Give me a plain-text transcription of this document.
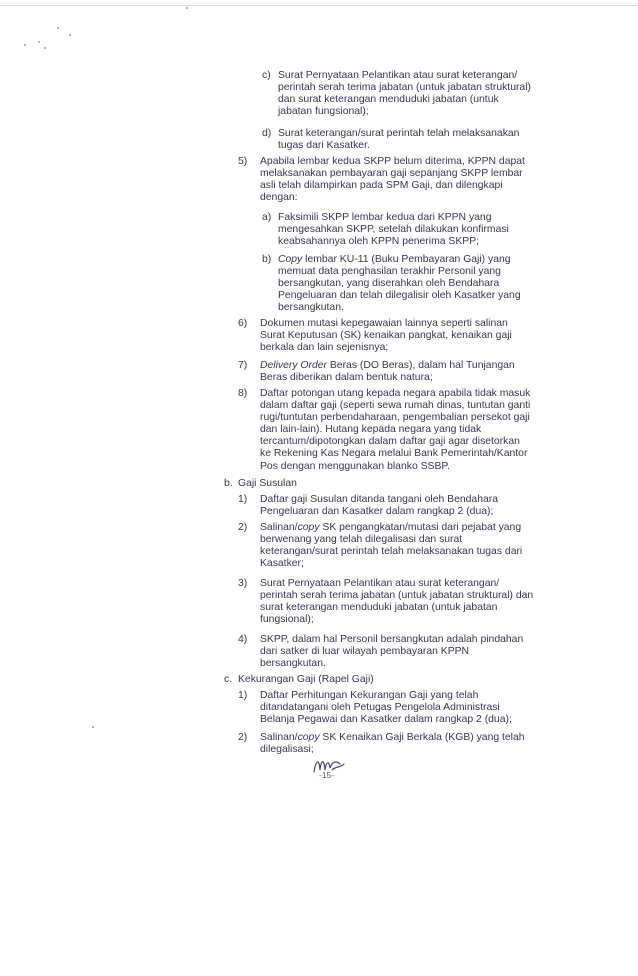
c) Surat Pernyataan Pelantikan atau surat keterangan/
perintah serah terima jabatan (untuk jabatan struktural)
dan surat keterangan menduduki jabatan (untuk
jabatan fungsional);
d) Surat keterangan/surat perintah telah melaksanakan
tugas dari Kasatker.
5) Apabila lembar kedua SKPP belum diterima, KPPN dapat
melaksanakan pembayaran gaji sepanjang SKPP lembar
asli telah dilampirkan pada SPM Gaji, dan dilengkapi
dengan:
a) Faksimili SKPP lembar kedua dari KPPN yang
mengesahkan SKPP, setelah dilakukan konfirmasi
keabsahannya oleh KPPN penerima SKPP;
b) Copy lembar KU-11 (Buku Pembayaran Gaji) yang
memuat data penghasilan terakhir Personil yang
bersangkutan, yang diserahkan oleh Bendahara
Pengeluaran dan telah dilegalisir oleh Kasatker yang
bersangkutan.
6) Dokumen mutasi kepegawaian lainnya seperti salinan
Surat Keputusan (SK) kenaikan pangkat, kenaikan gaji
berkala dan lain sejenisnya;
7) Delivery Order Beras (DO Beras), dalam hal Tunjangan
Beras diberikan dalam bentuk natura;
8) Daftar potongan utang kepada negara apabila tidak masuk
dalam daftar gaji (seperti sewa rumah dinas, tuntutan ganti
rugi/tuntutan perbendaharaan, pengembalian persekot gaji
dan lain-lain). Hutang kepada negara yang tidak
tercantum/dipotongkan dalam daftar gaji agar disetorkan
ke Rekening Kas Negara melalui Bank Pemerintah/Kantor
Pos dengan menggunakan blanko SSBP.
b. Gaji Susulan
1) Daftar gaji Susulan ditanda tangani oleh Bendahara
Pengeluaran dan Kasatker dalam rangkap 2 (dua);
2) Salinan/copy SK pengangkatan/mutasi dari pejabat yang
berwenang yang telah dilegalisasi dan surat
keterangan/surat perintah telah melaksanakan tugas dari
Kasatker;
3) Surat Pernyataan Pelantikan atau surat keterangan/
perintah serah terima jabatan (untuk jabatan struktural) dan
surat keterangan menduduki jabatan (untuk jabatan
fungsional);
4) SKPP, dalam hal Personil bersangkutan adalah pindahan
dari satker di luar wilayah pembayaran KPPN
bersangkutan.
c. Kekurangan Gaji (Rapel Gaji)
1) Daftar Perhitungan Kekurangan Gaji yang telah
ditandatangani oleh Petugas Pengelola Administrasi
Belanja Pegawai dan Kasatker dalam rangkap 2 (dua);
2) Salinan/copy SK Kenaikan Gaji Berkala (KGB) yang telah
dilegalisasi;
-15-
